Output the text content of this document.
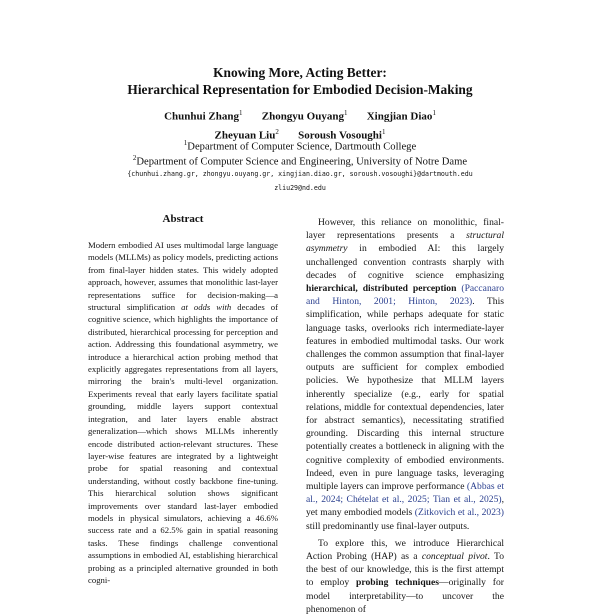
Knowing More, Acting Better:
Hierarchical Representation for Embodied Decision-Making
Chunhui Zhang$^1$ Zhongyu Ouyang$^1$ Xingjian Diao$^1$
Zheyuan Liu$^2$ Soroush Vosoughi$^1$
$^1$Department of Computer Science, Dartmouth College
$^2$Department of Computer Science and Engineering, University of Notre Dame
{chunhui.zhang.gr, zhongyu.ouyang.gr, xingjian.diao.gr, soroush.vosoughi}@dartmouth.edu
zliu29@nd.edu
Abstract

Modern embodied AI uses multimodal large language models (MLLMs) as policy models, predicting actions from final-layer hidden states. This widely adopted approach, however, assumes that monolithic last-layer representations suffice for decision-making—a structural simplification at odds with decades of cognitive science, which highlights the importance of distributed, hierarchical processing for perception and action. Addressing this foundational asymmetry, we introduce a hierarchical action probing method that explicitly aggregates representations from all layers, mirroring the brain's multi-level organization. Experiments reveal that early layers facilitate spatial grounding, middle layers support contextual integration, and later layers enable abstract generalization—which shows MLLMs inherently encode distributed action-relevant structures. These layer-wise features are integrated by a lightweight probe for spatial reasoning and contextual understanding, without costly backbone fine-tuning. This hierarchical solution shows significant improvements over standard last-layer embodied models in physical simulators, achieving a 46.6% success rate and a 62.5% gain in spatial reasoning tasks. These findings challenge conventional assumptions in embodied AI, establishing hierarchical probing as a principled alternative grounded in both cogni-

However, this reliance on monolithic, final-layer representations presents a structural asymmetry in embodied AI: this largely unchallenged convention contrasts sharply with decades of cognitive science emphasizing hierarchical, distributed perception (Paccanaro and Hinton, 2001; Hinton, 2023). This simplification, while perhaps adequate for static language tasks, overlooks rich intermediate-layer features in embodied multimodal tasks. Our work challenges the common assumption that final-layer outputs are sufficient for complex embodied policies. We hypothesize that MLLM layers inherently specialize (e.g., early for spatial relations, middle for contextual dependencies, later for abstract semantics), necessitating stratified grounding. Discarding this internal structure potentially creates a bottleneck in aligning with the cognitive complexity of embodied environments. Indeed, even in pure language tasks, leveraging multiple layers can improve performance (Abbas et al., 2024; Chételat et al., 2025; Tian et al., 2025), yet many embodied models (Zitkovich et al., 2023) still predominantly use final-layer outputs.

To explore this, we introduce Hierarchical Action Probing (HAP) as a conceptual pivot. To the best of our knowledge, this is the first attempt to employ probing techniques—originally for model interpretability—to uncover the phenomenon of
